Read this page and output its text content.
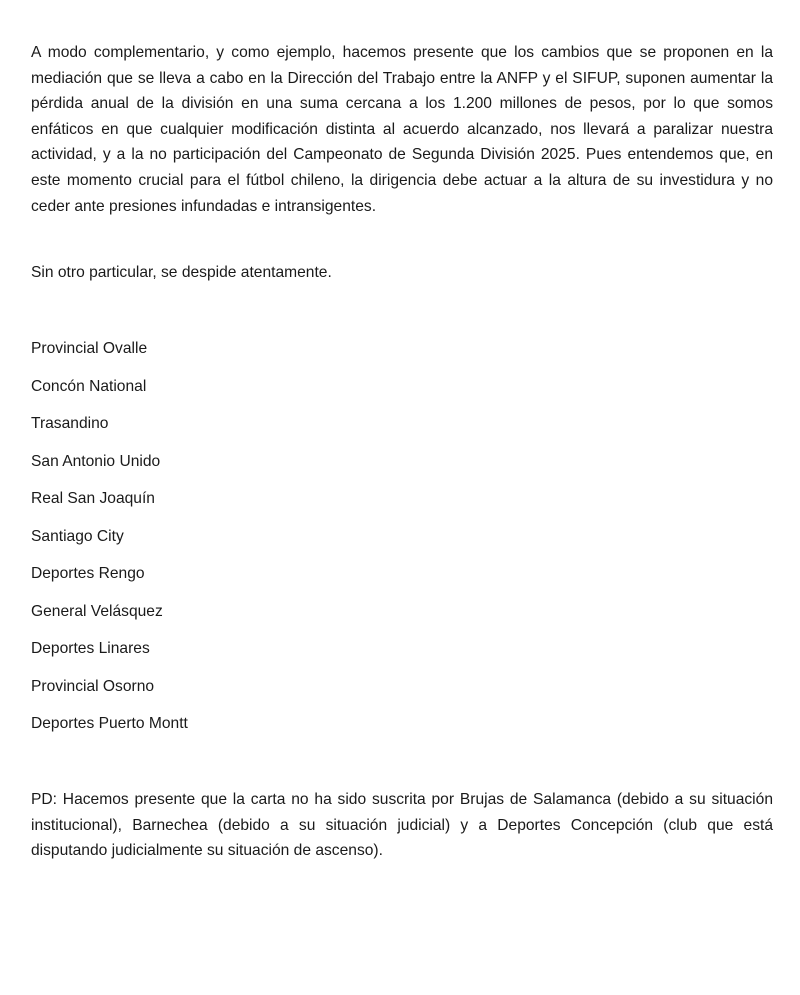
A modo complementario, y como ejemplo, hacemos presente que los cambios que se proponen en la mediación que se lleva a cabo en la Dirección del Trabajo entre la ANFP y el SIFUP, suponen aumentar la pérdida anual de la división en una suma cercana a los 1.200 millones de pesos, por lo que somos enfáticos en que cualquier modificación distinta al acuerdo alcanzado, nos llevará a paralizar nuestra actividad, y a la no participación del Campeonato de Segunda División 2025. Pues entendemos que, en este momento crucial para el fútbol chileno, la dirigencia debe actuar a la altura de su investidura y no ceder ante presiones infundadas e intransigentes.

Sin otro particular, se despide atentamente.

Provincial Ovalle
Concón National
Trasandino
San Antonio Unido
Real San Joaquín
Santiago City
Deportes Rengo
General Velásquez
Deportes Linares
Provincial Osorno
Deportes Puerto Montt

PD: Hacemos presente que la carta no ha sido suscrita por Brujas de Salamanca (debido a su situación institucional), Barnechea (debido a su situación judicial) y a Deportes Concepción (club que está disputando judicialmente su situación de ascenso).
